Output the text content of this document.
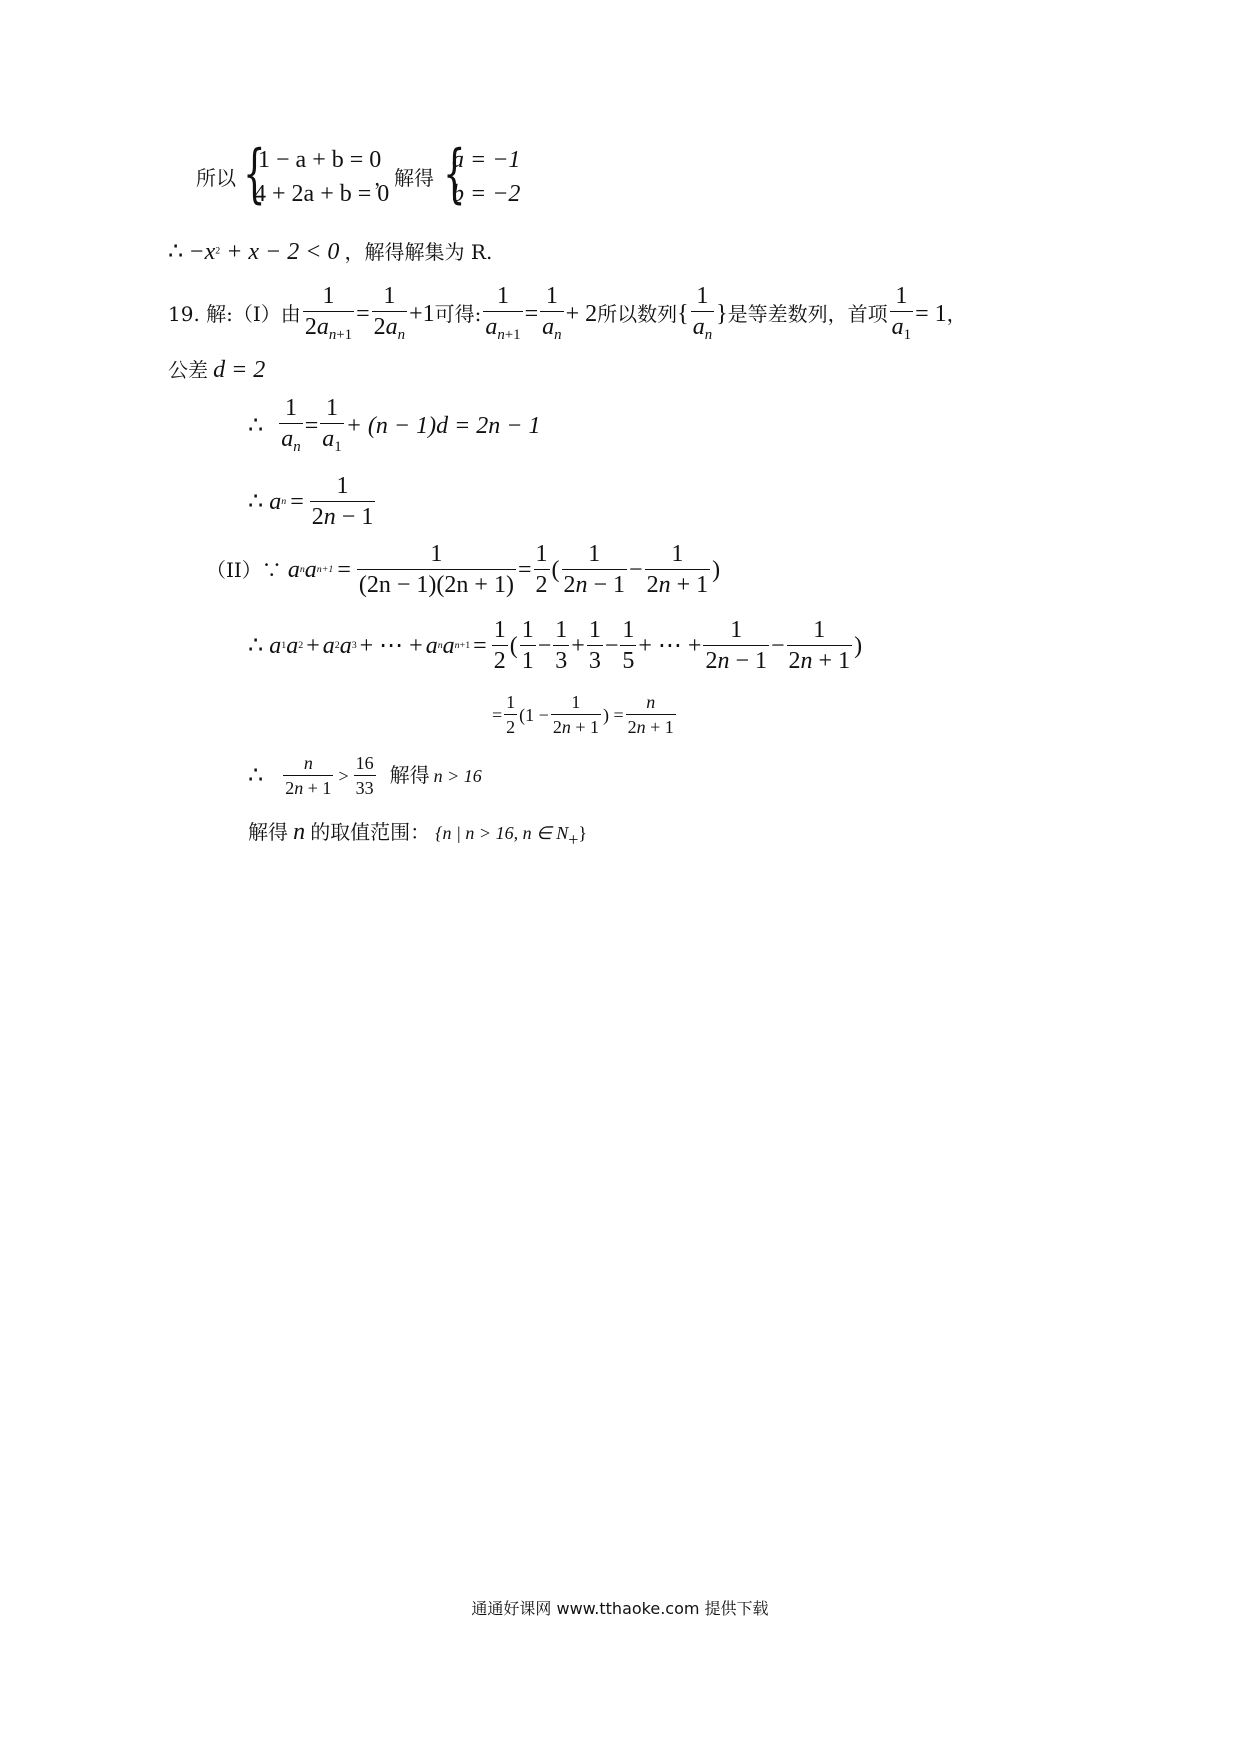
所以 {
1 − a + b = 0
4 + 2a + b = 0
，解得 {
a = −1
b = −2
∴ $-x^2 + x - 2 < 0$ ，解得解集为 R.
19. 解:（I）由 $\frac{1}{2a_{n+1}} = \frac{1}{2a_n} +1$ 可得: $\frac{1}{a_{n+1}} = \frac{1}{a_n} + 2$ 所以数列 { $\frac{1}{a_n}$ } 是等差数列，首项 $\frac{1}{a_1} = 1$ ，
公差 d = 2
∴ $\frac{1}{a_n} = \frac{1}{a_1} + (n - 1)d = 2n - 1$
∴ a $n = \frac{1}{2n - 1}$
（II）∵ a n a $n+1 = \frac{1}{(2n - 1)(2n + 1)} = \frac{1}{2}$ ( $\frac{1}{2n - 1} - \frac{1}{2n + 1}$ )
∴ a 1 a 2 + a 2 a 3 + ⋯ + a n a $n+1 = \frac{1}{2}$ ( $\frac{1}{1} - \frac{1}{3} + \frac{1}{3} - \frac{1}{5}$ + ⋯ + $\frac{1}{2n - 1} - \frac{1}{2n + 1}$ )
= $\frac{1}{2} (1 - \frac{1}{2n + 1}$ ) = $\frac{n}{2n + 1}$
∴ $\frac{n}{2n + 1} > \frac{16}{33}$ 解得 n > 16
解得 n 的取值范围： {n | n > 16, n ∈ N+}
通通好课网 www.tthaoke.com 提供下载
